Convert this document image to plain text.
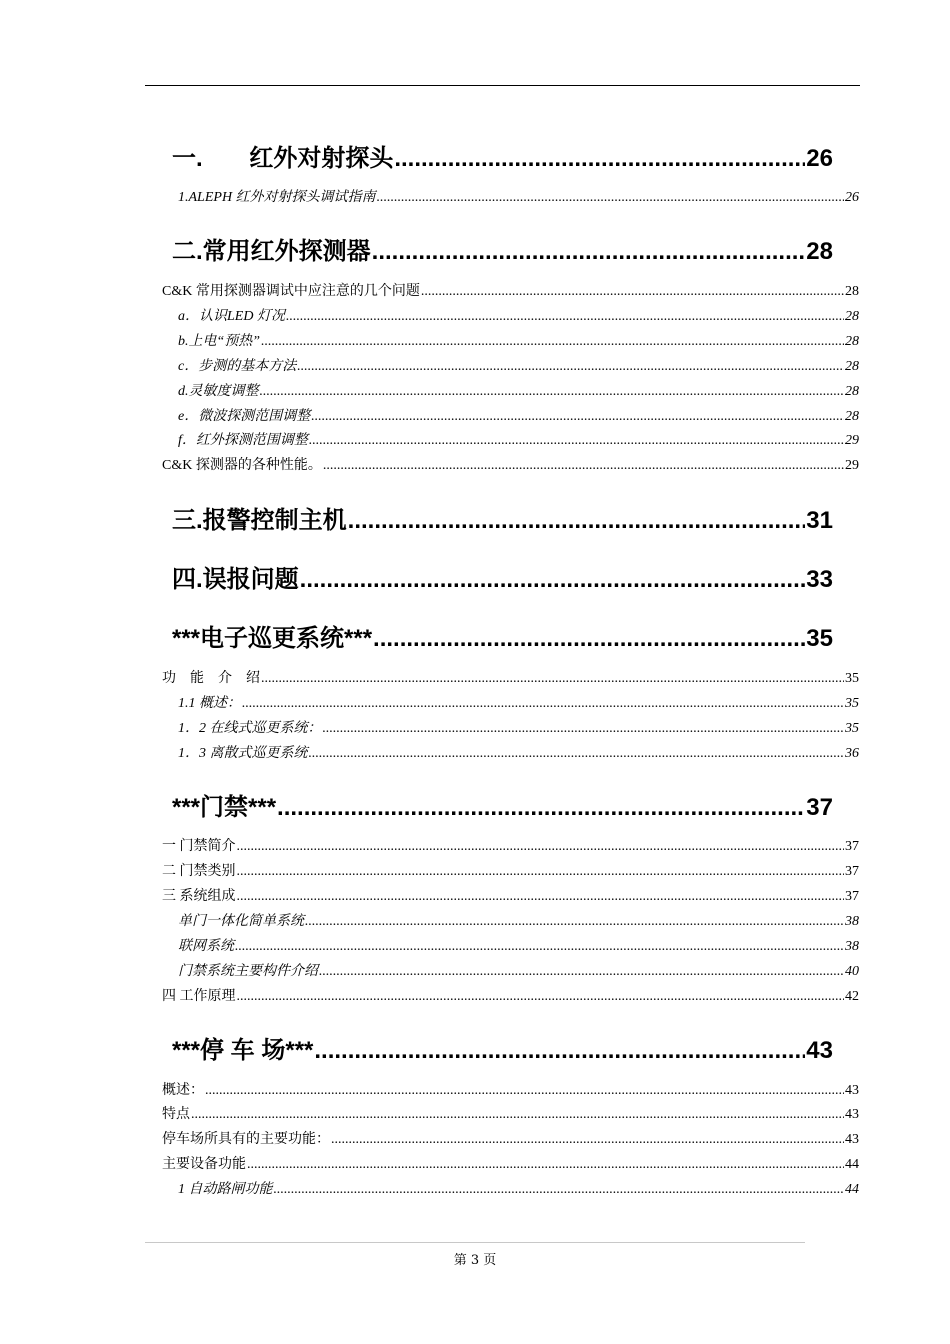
一.       红外对射探头 .....	26
1.ALEPH 红外对射探头调试指南 .....	26
二.常用红外探测器 .....	28
C&K 常用探测器调试中应注意的几个问题 .....	28
a．认识LED 灯况 .....	28
b.上电“预热” .....	28
c．步测的基本方法 .....	28
d.灵敏度调整 .....	28
e．微波探测范围调整 .....	28
f．红外探测范围调整 .....	29
C&K 探测器的各种性能。 .....	29
三.报警控制主机 .....	31
四.误报问题 .....	33
***电子巡更系统*** .....	35
功　能　介　绍 .....	35
1.1 概述： .....	35
1．2 在线式巡更系统： .....	35
1．3 离散式巡更系统 .....	36
***门禁*** .....	37
一 门禁简介 .....	37
二 门禁类别 .....	37
三 系统组成 .....	37
单门一体化简单系统 .....	38
联网系统 .....	38
门禁系统主要构件介绍 .....	40
四 工作原理 .....	42
***停 车 场*** .....	43
概述： .....	43
特点 .....	43
停车场所具有的主要功能： .....	43
主要设备功能 .....	44
1 自动路闸功能 .....	44
第 3 页
